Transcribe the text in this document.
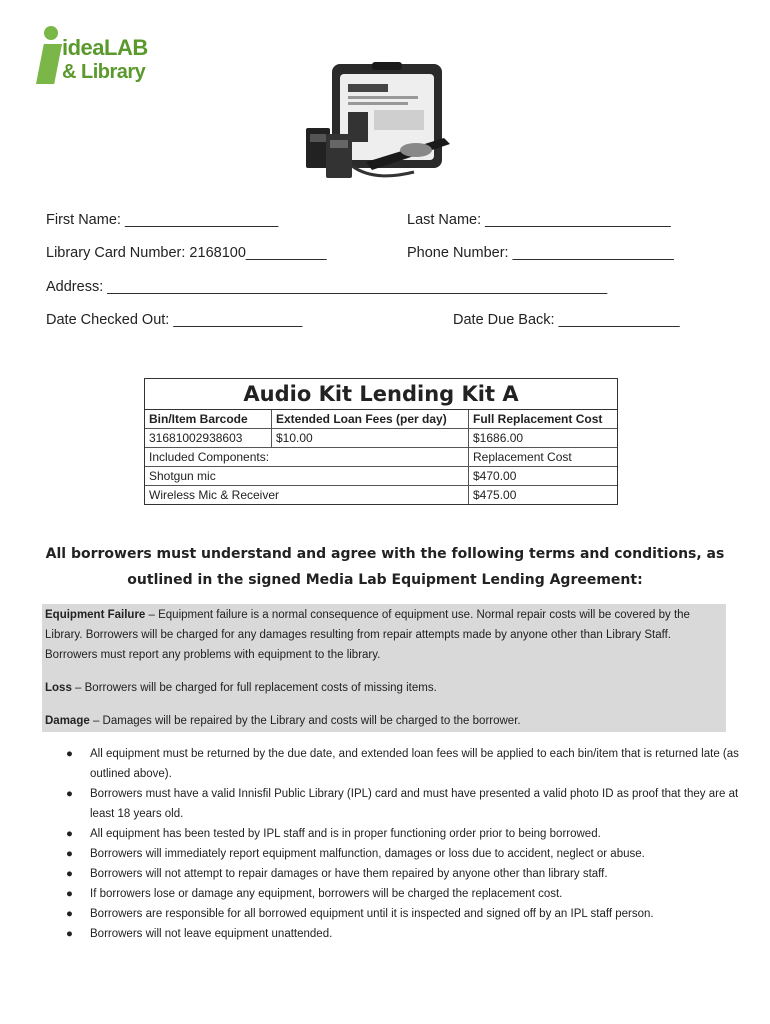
ideaLAB
& Library
First Name: ___________________	Last Name: _______________________
Library Card Number: 2168100__________	Phone Number: ____________________
Address: ______________________________________________________________
Date Checked Out: ________________	Date Due Back: _______________
Audio Kit Lending Kit A
Bin/Item Barcode	Extended Loan Fees (per day)	Full Replacement Cost
31681002938603	$10.00	$1686.00
Included Components:	Replacement Cost
Shotgun mic	$470.00
Wireless Mic & Receiver	$475.00
All borrowers must understand and agree with the following terms and conditions, as
outlined in the signed Media Lab Equipment Lending Agreement:
Equipment Failure – Equipment failure is a normal consequence of equipment use. Normal repair costs will be covered by the Library. Borrowers will be charged for any damages resulting from repair attempts made by anyone other than Library Staff. Borrowers must report any problems with equipment to the library.
Loss – Borrowers will be charged for full replacement costs of missing items.
Damage – Damages will be repaired by the Library and costs will be charged to the borrower.
● All equipment must be returned by the due date, and extended loan fees will be applied to each bin/item that is returned late (as outlined above).
● Borrowers must have a valid Innisfil Public Library (IPL) card and must have presented a valid photo ID as proof that they are at least 18 years old.
● All equipment has been tested by IPL staff and is in proper functioning order prior to being borrowed.
● Borrowers will immediately report equipment malfunction, damages or loss due to accident, neglect or abuse.
● Borrowers will not attempt to repair damages or have them repaired by anyone other than library staff.
● If borrowers lose or damage any equipment, borrowers will be charged the replacement cost.
● Borrowers are responsible for all borrowed equipment until it is inspected and signed off by an IPL staff person.
● Borrowers will not leave equipment unattended.
